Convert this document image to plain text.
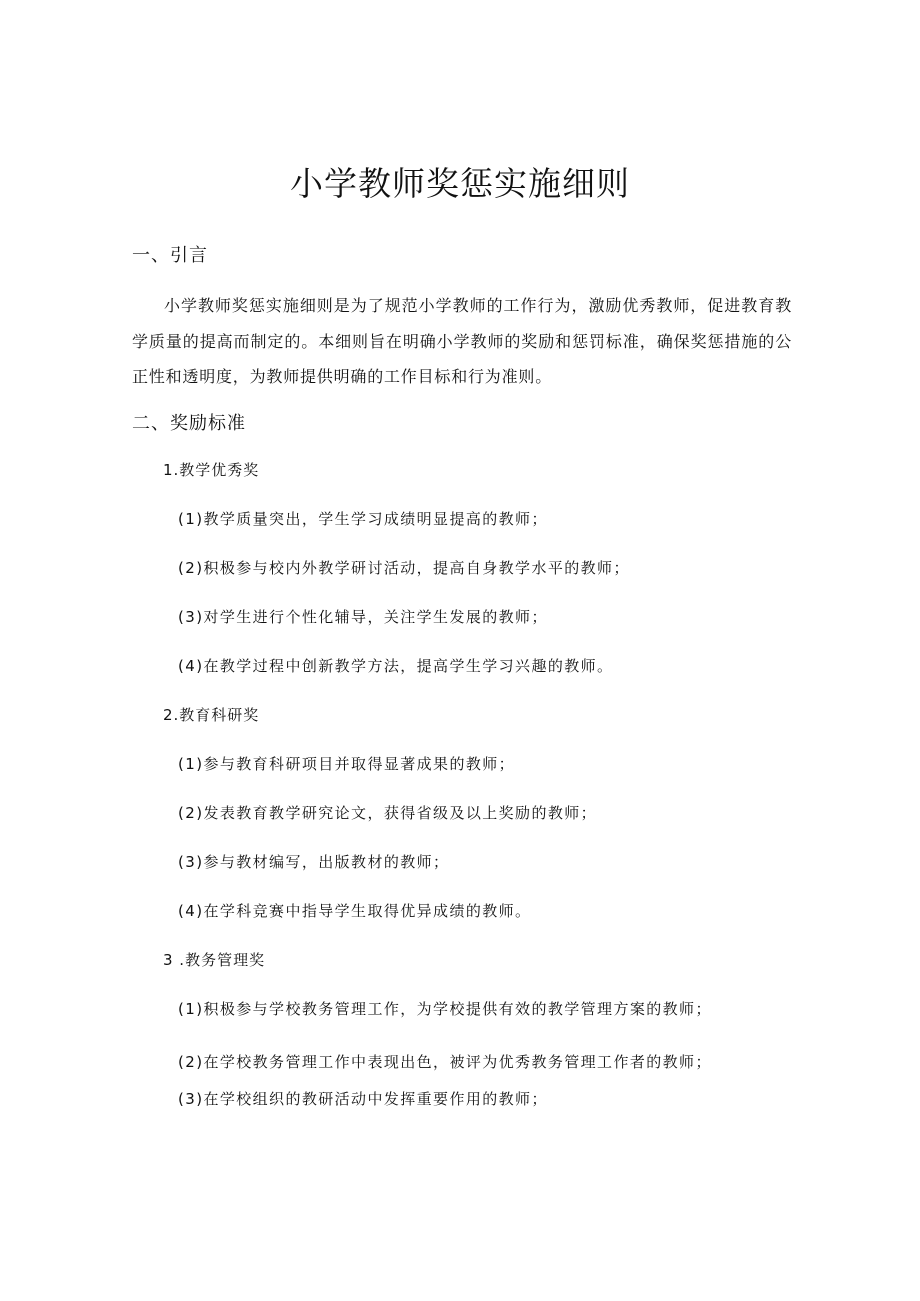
小学教师奖惩实施细则
一、引言
小学教师奖惩实施细则是为了规范小学教师的工作行为，激励优秀教师，促进教育教学质量的提高而制定的。本细则旨在明确小学教师的奖励和惩罚标准，确保奖惩措施的公正性和透明度，为教师提供明确的工作目标和行为准则。
二、奖励标准
1.教学优秀奖
(1)教学质量突出，学生学习成绩明显提高的教师；
(2)积极参与校内外教学研讨活动，提高自身教学水平的教师；
(3)对学生进行个性化辅导，关注学生发展的教师；
(4)在教学过程中创新教学方法，提高学生学习兴趣的教师。
2.教育科研奖
(1)参与教育科研项目并取得显著成果的教师；
(2)发表教育教学研究论文，获得省级及以上奖励的教师；
(3)参与教材编写，出版教材的教师；
(4)在学科竞赛中指导学生取得优异成绩的教师。
3 .教务管理奖
(1)积极参与学校教务管理工作，为学校提供有效的教学管理方案的教师；
(2)在学校教务管理工作中表现出色，被评为优秀教务管理工作者的教师；
(3)在学校组织的教研活动中发挥重要作用的教师；
